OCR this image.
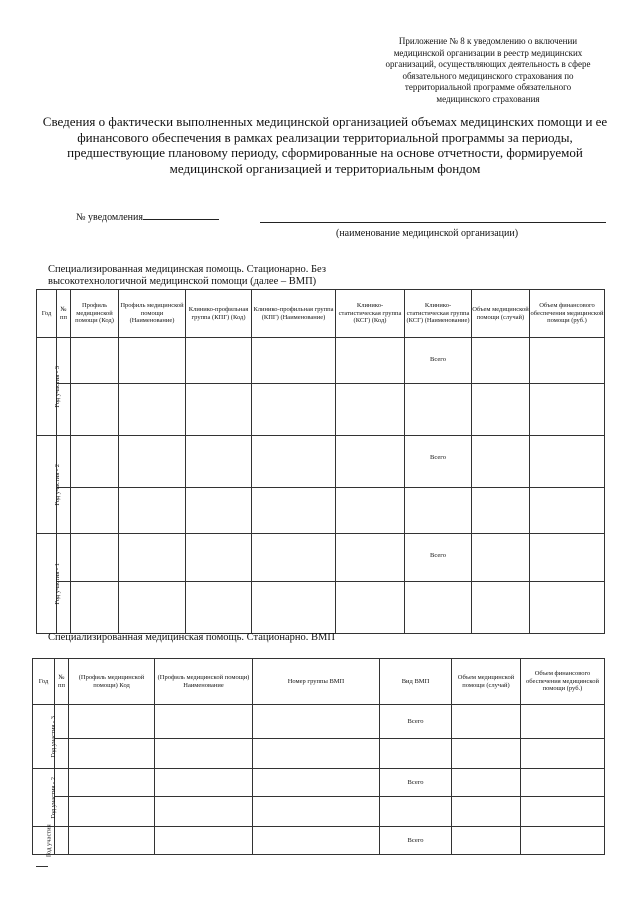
Приложение № 8 к уведомлению о включении
медицинской организации в реестр медицинских
организаций, осуществляющих деятельность в сфере
обязательного медицинского страхования по
территориальной программе обязательного
медицинского страхования
Сведения о фактически выполненных медицинской организацией объемах медицинских помощи и ее
финансового обеспечения в рамках реализации территориальной программы за периоды,
предшествующие плановому периоду, сформированные на основе отчетности, формируемой
медицинской организацией и территориальным фондом
№ уведомления
(наименование медицинской организации)
Специализированная медицинская помощь. Стационарно. Без
высокотехнологичной медицинской помощи (далее – ВМП)
Год	№ пп	Профиль медицинской помощи (Код)	Профиль медицинской помощи (Наименование)	Клинико-профильная группа (КПГ) (Код)	Клинико-профильная группа (КПГ) (Наименование)	Клинико-статистическая группа (КСГ) (Код)	Клинико-статистическая группа (КСГ) (Наименование)	Объем медицинской помощи (случай)	Объем финансового обеспечения медицинской помощи (руб.)
Год участия - 3							Всего		

Год участия - 2							Всего		

Год участия - 1							Всего		

Специализированная медицинская помощь. Стационарно. ВМП
Год	№ пп	(Профиль медицинской помощи) Код	(Профиль медицинской помощи) Наименование	Номер группы ВМП	Вид ВМП	Объем медицинской помощи (случай)	Объем финансового обеспечения медицинской помощи (руб.)
Год участия - 3					Всего		

Год участия - 2					Всего		

Год участия					Всего		
